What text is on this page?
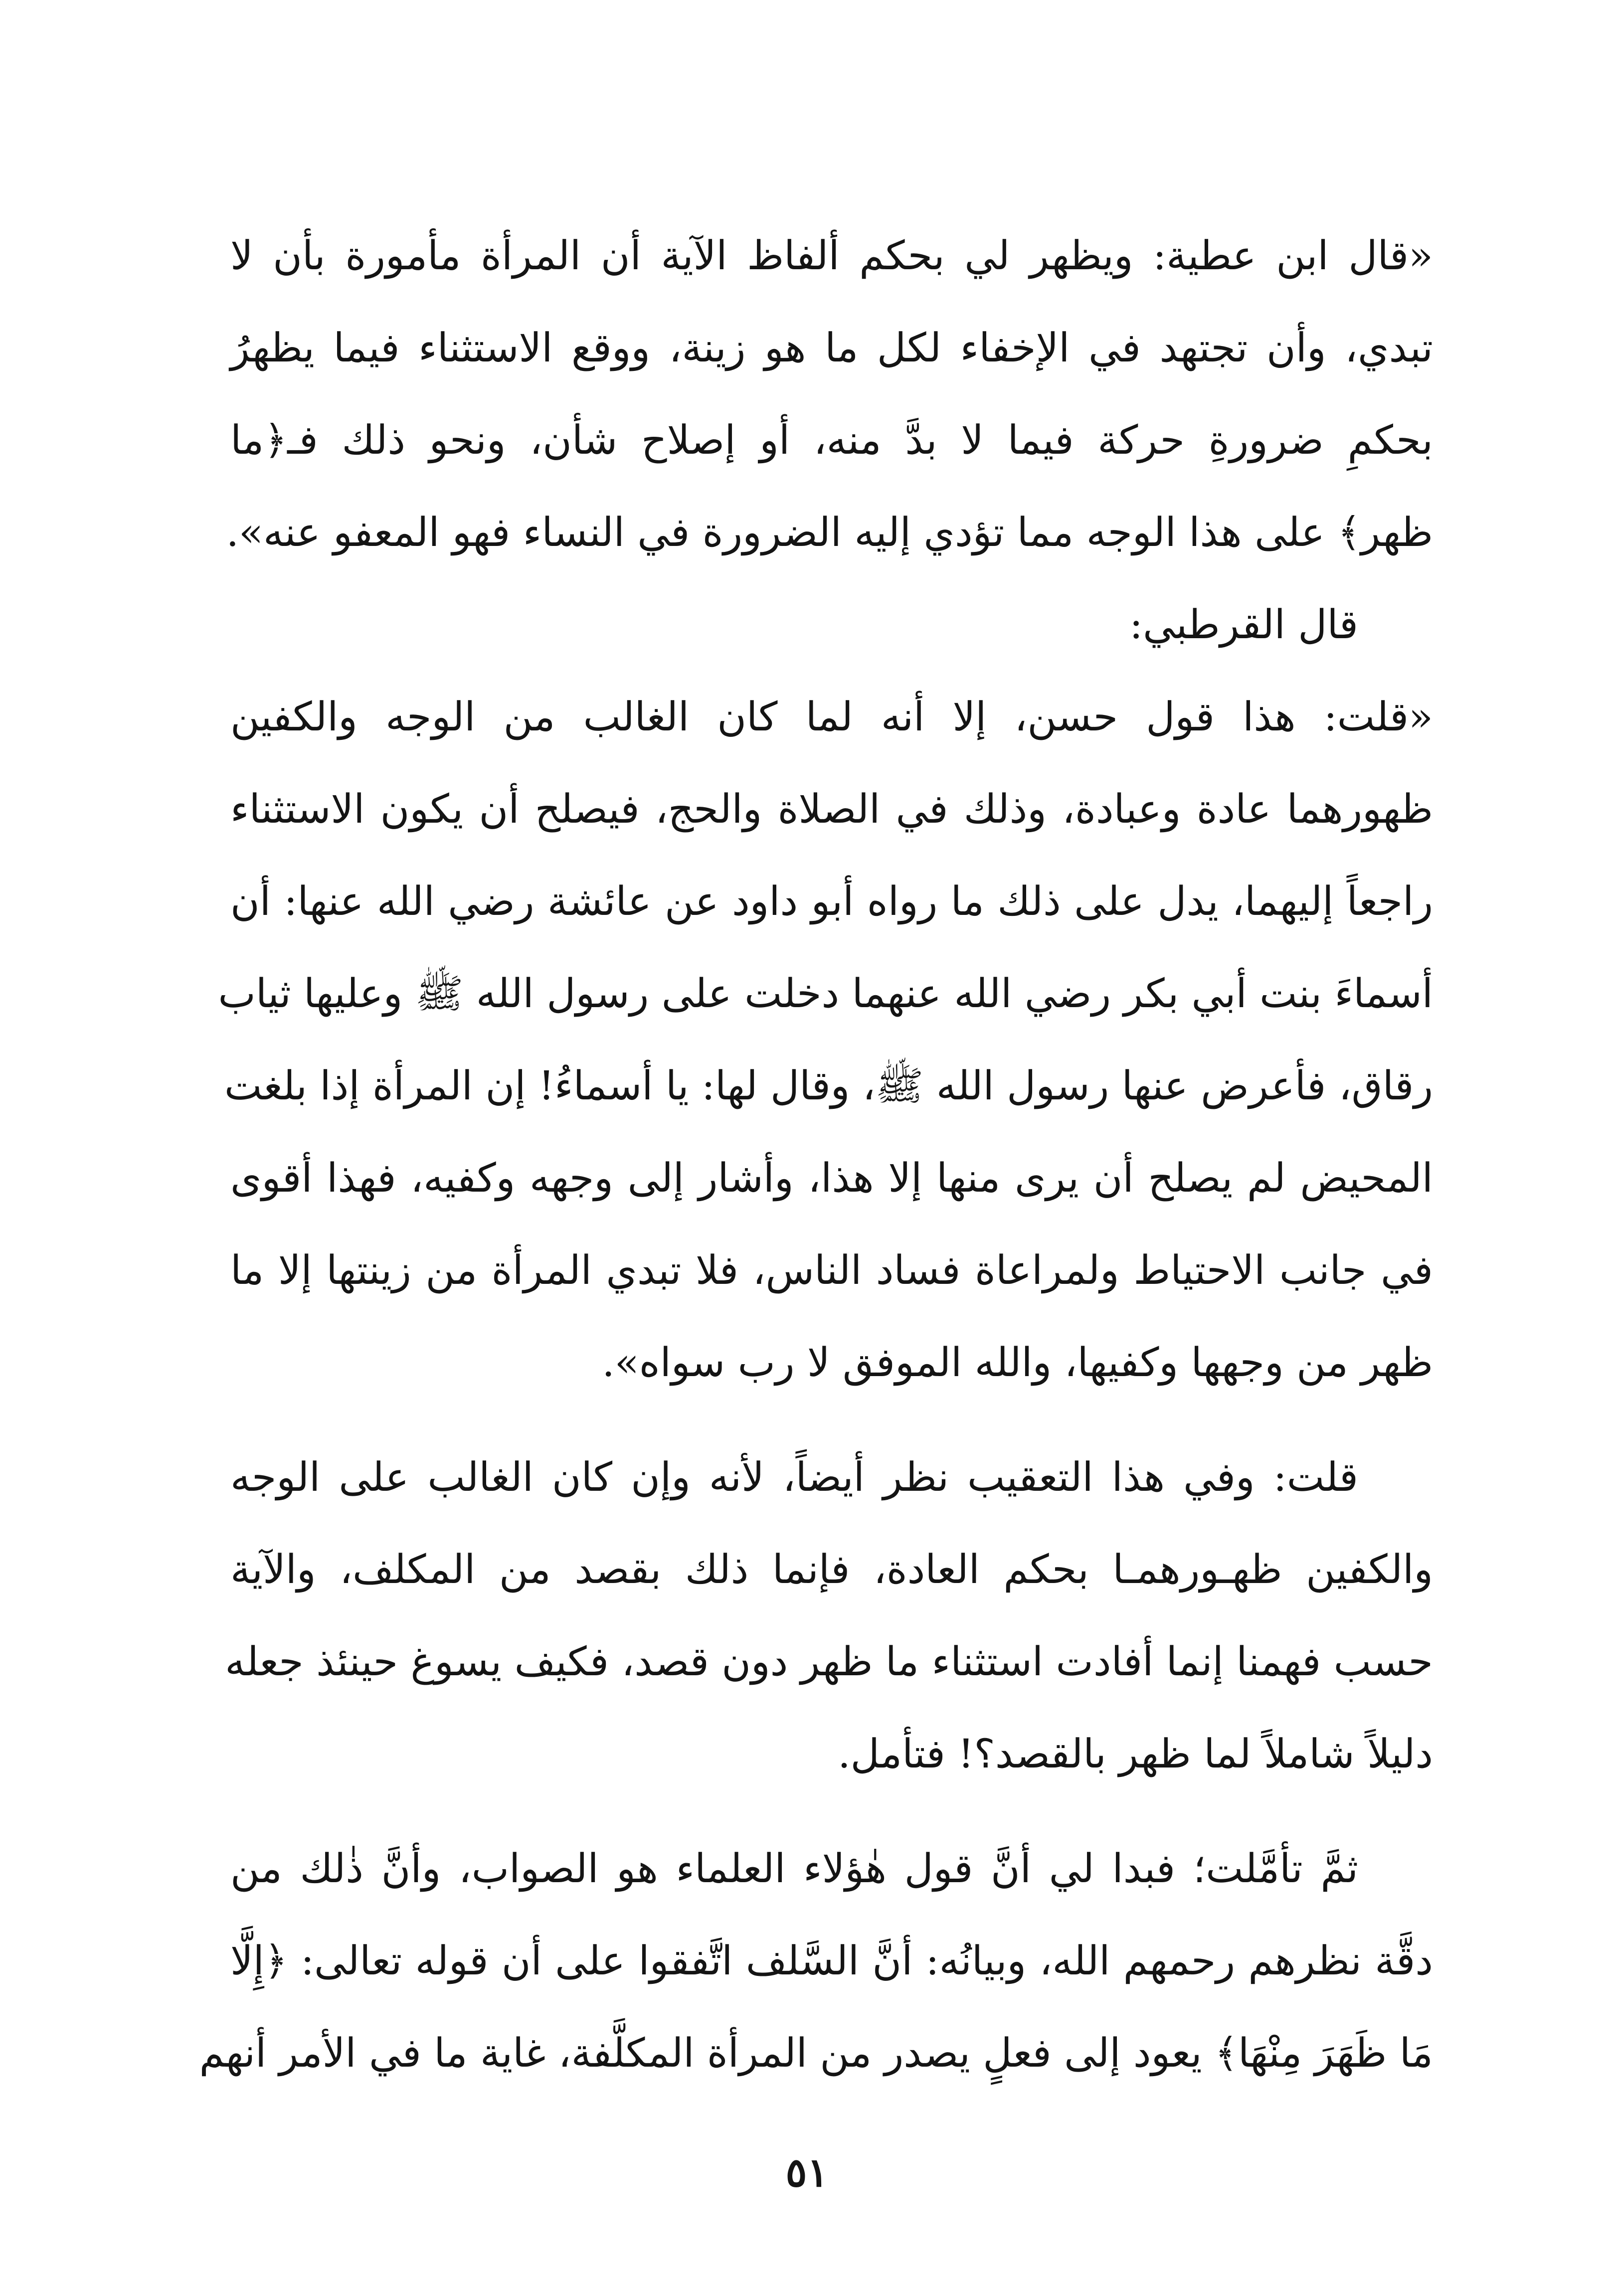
«قال ابن عطية: ويظهر لي بحكم ألفاظ الآية أن المرأة مأمورة بأن لا
تبدي، وأن تجتهد في الإخفاء لكل ما هو زينة، ووقع الاستثناء فيما يظهرُ
بحكمِ ضرورةِ حركة فيما لا بدَّ منه، أو إصلاح شأن، ونحو ذلك فـ﴿ما
ظهر﴾ على هذا الوجه مما تؤدي إليه الضرورة في النساء فهو المعفو عنه».
قال القرطبي:
«قلت: هذا قول حسن، إلا أنه لما كان الغالب من الوجه والكفين
ظهورهما عادة وعبادة، وذلك في الصلاة والحج، فيصلح أن يكون الاستثناء
راجعاً إليهما، يدل على ذلك ما رواه أبو داود عن عائشة رضي الله عنها: أن
أسماءَ بنت أبي بكر رضي الله عنهما دخلت على رسول الله ﷺ وعليها ثياب
رقاق، فأعرض عنها رسول الله ﷺ، وقال لها: يا أسماءُ! إن المرأة إذا بلغت
المحيض لم يصلح أن يرى منها إلا هذا، وأشار إلى وجهه وكفيه، فهذا أقوى
في جانب الاحتياط ولمراعاة فساد الناس، فلا تبدي المرأة من زينتها إلا ما
ظهر من وجهها وكفيها، والله الموفق لا رب سواه».
قلت: وفي هذا التعقيب نظر أيضاً، لأنه وإن كان الغالب على الوجه
والكفين ظهـورهمـا بحكم العادة، فإنما ذلك بقصد من المكلف، والآية
حسب فهمنا إنما أفادت استثناء ما ظهر دون قصد، فكيف يسوغ حينئذ جعله
دليلاً شاملاً لما ظهر بالقصد؟! فتأمل.
ثمَّ تأمَّلت؛ فبدا لي أنَّ قول هٰؤلاء العلماء هو الصواب، وأنَّ ذٰلك من
دقَّة نظرهم رحمهم الله، وبيانُه: أنَّ السَّلف اتَّفقوا على أن قوله تعالى: ﴿إِلَّا
مَا ظَهَرَ مِنْهَا﴾ يعود إلى فعلٍ يصدر من المرأة المكلَّفة، غاية ما في الأمر أنهم
٥١
